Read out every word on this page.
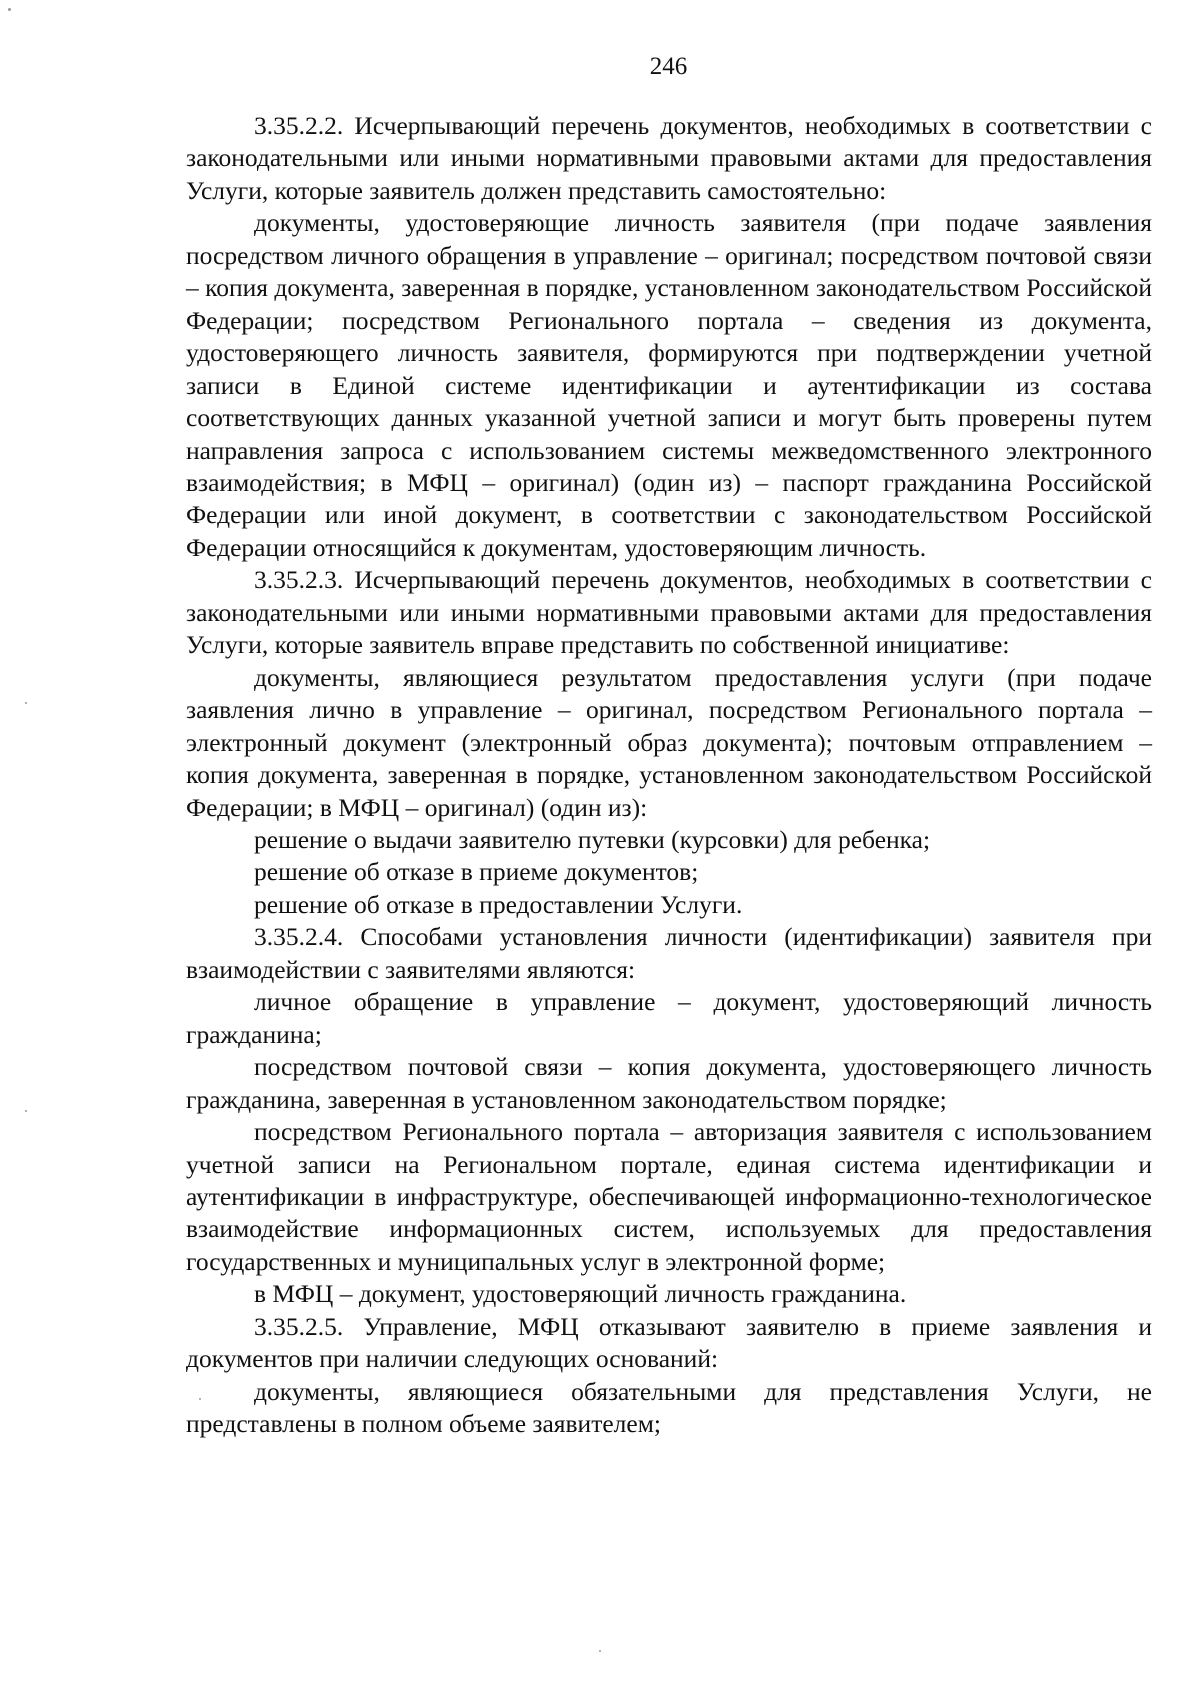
246

3.35.2.2. Исчерпывающий перечень документов, необходимых в соответствии с законодательными или иными нормативными правовыми актами для предоставления Услуги, которые заявитель должен представить самостоятельно:

документы, удостоверяющие личность заявителя (при подаче заявления посредством личного обращения в управление – оригинал; посредством почтовой связи – копия документа, заверенная в порядке, установленном законодательством Российской Федерации; посредством Регионального портала – сведения из документа, удостоверяющего личность заявителя, формируются при подтверждении учетной записи в Единой системе идентификации и аутентификации из состава соответствующих данных указанной учетной записи и могут быть проверены путем направления запроса с использованием системы межведомственного электронного взаимодействия; в МФЦ – оригинал) (один из) – паспорт гражданина Российской Федерации или иной документ, в соответствии с законодательством Российской Федерации относящийся к документам, удостоверяющим личность.

3.35.2.3. Исчерпывающий перечень документов, необходимых в соответствии с законодательными или иными нормативными правовыми актами для предоставления Услуги, которые заявитель вправе представить по собственной инициативе:

документы, являющиеся результатом предоставления услуги (при подаче заявления лично в управление – оригинал, посредством Регионального портала – электронный документ (электронный образ документа); почтовым отправлением – копия документа, заверенная в порядке, установленном законодательством Российской Федерации; в МФЦ – оригинал) (один из):

решение о выдачи заявителю путевки (курсовки) для ребенка;

решение об отказе в приеме документов;

решение об отказе в предоставлении Услуги.

3.35.2.4. Способами установления личности (идентификации) заявителя при взаимодействии с заявителями являются:

личное обращение в управление – документ, удостоверяющий личность гражданина;

посредством почтовой связи – копия документа, удостоверяющего личность гражданина, заверенная в установленном законодательством порядке;

посредством Регионального портала – авторизация заявителя с использованием учетной записи на Региональном портале, единая система идентификации и аутентификации в инфраструктуре, обеспечивающей информационно-технологическое взаимодействие информационных систем, используемых для предоставления государственных и муниципальных услуг в электронной форме;

в МФЦ – документ, удостоверяющий личность гражданина.

3.35.2.5. Управление, МФЦ отказывают заявителю в приеме заявления и документов при наличии следующих оснований:

документы, являющиеся обязательными для представления Услуги, не представлены в полном объеме заявителем;
